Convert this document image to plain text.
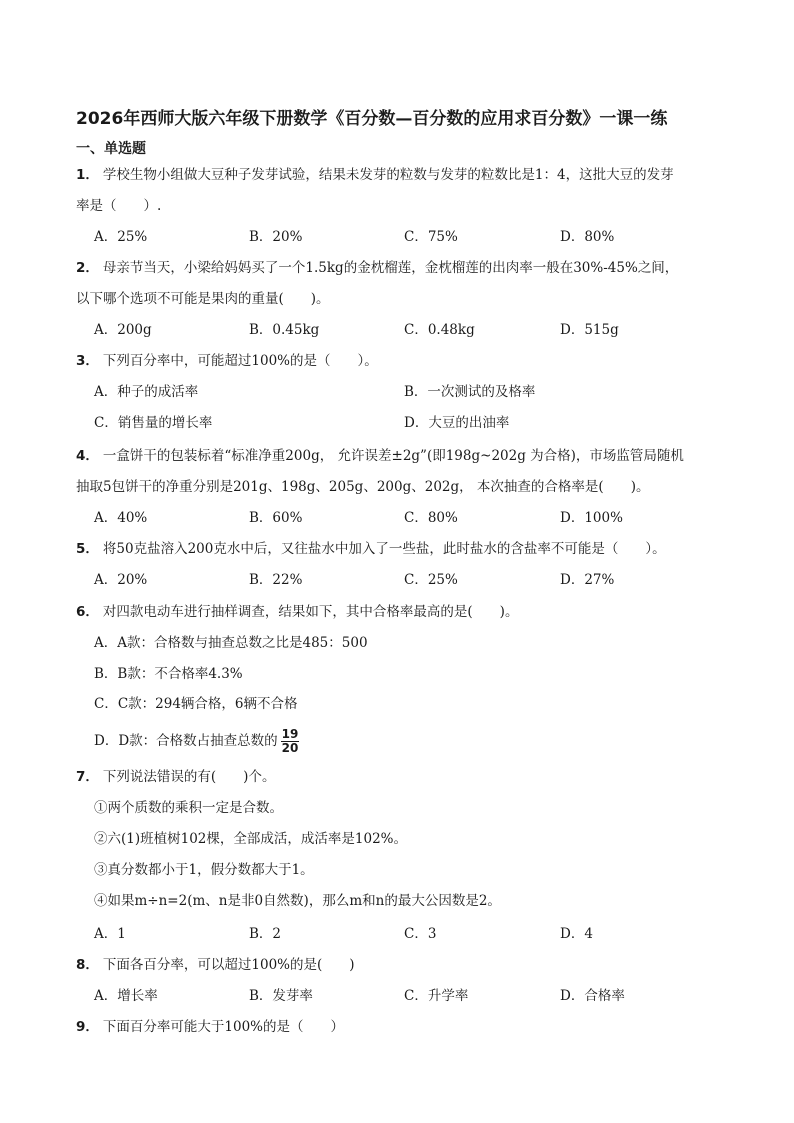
2026年西师大版六年级下册数学《百分数—百分数的应用求百分数》一课一练
一、单选题
1． 学校生物小组做大豆种子发芽试验，结果未发芽的粒数与发芽的粒数比是1：4，这批大豆的发芽
率是（　　）.
A．25%	B．20%	C．75%	D．80%
2． 母亲节当天，小梁给妈妈买了一个1.5kg的金枕榴莲，金枕榴莲的出肉率一般在30%-45%之间，
以下哪个选项不可能是果肉的重量(　　)。
A．200g	B．0.45kg	C．0.48kg	D．515g
3． 下列百分率中，可能超过100%的是（　　）。
A．种子的成活率	B．一次测试的及格率
C．销售量的增长率	D．大豆的出油率
4． 一盒饼干的包装标着“标准净重200g， 允许误差±2g”(即198g~202g 为合格)，市场监管局随机
抽取5包饼干的净重分别是201g、198g、205g、200g、202g， 本次抽查的合格率是(　　)。
A．40%	B．60%	C．80%	D．100%
5． 将50克盐溶入200克水中后，又往盐水中加入了一些盐，此时盐水的含盐率不可能是（　　）。
A．20%	B．22%	C．25%	D．27%
6． 对四款电动车进行抽样调查，结果如下，其中合格率最高的是(　　)。
A．A款：合格数与抽查总数之比是485：500
B．B款：不合格率4.3%
C．C款：294辆合格，6辆不合格
D．D款：合格数占抽查总数的 $\frac{19}{20}$
7． 下列说法错误的有(　　)个。
①两个质数的乘积一定是合数。
②六(1)班植树102棵，全部成活，成活率是102%。
③真分数都小于1，假分数都大于1。
④如果m÷n=2(m、n是非0自然数)，那么m和n的最大公因数是2。
A．1	B．2	C．3	D．4
8． 下面各百分率，可以超过100%的是(　　)
A．增长率	B．发芽率	C．升学率	D．合格率
9． 下面百分率可能大于100%的是（　　）
